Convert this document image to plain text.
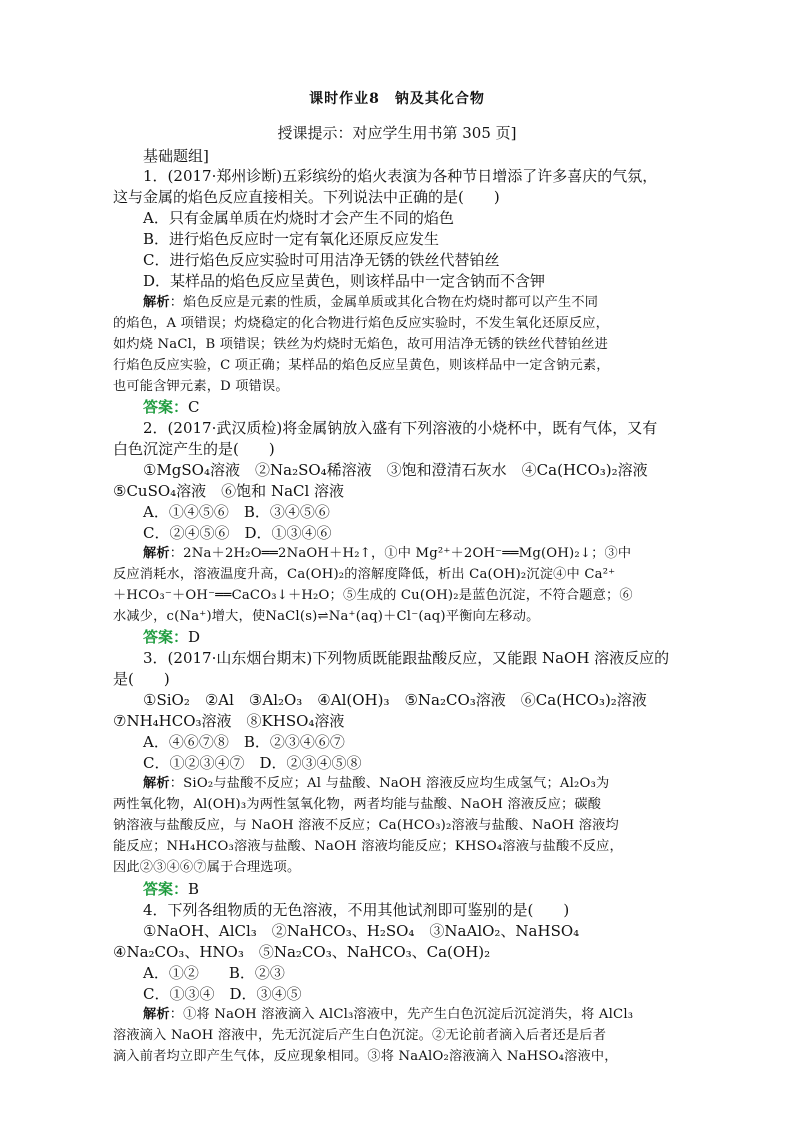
课时作业8　钠及其化合物
授课提示：对应学生用书第 305 页]
基础题组]
1．(2017·郑州诊断)五彩缤纷的焰火表演为各种节日增添了许多喜庆的气氛，
这与金属的焰色反应直接相关。下列说法中正确的是(　　)
A．只有金属单质在灼烧时才会产生不同的焰色
B．进行焰色反应时一定有氧化还原反应发生
C．进行焰色反应实验时可用洁净无锈的铁丝代替铂丝
D．某样品的焰色反应呈黄色，则该样品中一定含钠而不含钾
解析：焰色反应是元素的性质，金属单质或其化合物在灼烧时都可以产生不同
的焰色，A 项错误；灼烧稳定的化合物进行焰色反应实验时，不发生氧化还原反应，
如灼烧 NaCl，B 项错误；铁丝为灼烧时无焰色，故可用洁净无锈的铁丝代替铂丝进
行焰色反应实验，C 项正确；某样品的焰色反应呈黄色，则该样品中一定含钠元素，
也可能含钾元素，D 项错误。
答案：C
2．(2017·武汉质检)将金属钠放入盛有下列溶液的小烧杯中，既有气体，又有
白色沉淀产生的是(　　)
①MgSO₄溶液　②Na₂SO₄稀溶液　③饱和澄清石灰水　④Ca(HCO₃)₂溶液
⑤CuSO₄溶液　⑥饱和 NaCl 溶液
A．①④⑤⑥　B．③④⑤⑥
C．②④⑤⑥　D．①③④⑥
解析：2Na＋2H₂O══2NaOH＋H₂↑，①中 Mg²⁺＋2OH⁻══Mg(OH)₂↓；③中
反应消耗水，溶液温度升高，Ca(OH)₂的溶解度降低，析出 Ca(OH)₂沉淀④中 Ca²⁺
＋HCO₃⁻＋OH⁻══CaCO₃↓＋H₂O；⑤生成的 Cu(OH)₂是蓝色沉淀，不符合题意；⑥
水减少，c(Na⁺)增大，使NaCl(s)⇌Na⁺(aq)＋Cl⁻(aq)平衡向左移动。
答案：D
3．(2017·山东烟台期末)下列物质既能跟盐酸反应，又能跟 NaOH 溶液反应的
是(　　)
①SiO₂　②Al　③Al₂O₃　④Al(OH)₃　⑤Na₂CO₃溶液　⑥Ca(HCO₃)₂溶液
⑦NH₄HCO₃溶液　⑧KHSO₄溶液
A．④⑥⑦⑧　B．②③④⑥⑦
C．①②③④⑦　D．②③④⑤⑧
解析：SiO₂与盐酸不反应；Al 与盐酸、NaOH 溶液反应均生成氢气；Al₂O₃为
两性氧化物，Al(OH)₃为两性氢氧化物，两者均能与盐酸、NaOH 溶液反应；碳酸
钠溶液与盐酸反应，与 NaOH 溶液不反应；Ca(HCO₃)₂溶液与盐酸、NaOH 溶液均
能反应；NH₄HCO₃溶液与盐酸、NaOH 溶液均能反应；KHSO₄溶液与盐酸不反应，
因此②③④⑥⑦属于合理选项。
答案：B
4．下列各组物质的无色溶液，不用其他试剂即可鉴别的是(　　)
①NaOH、AlCl₃　②NaHCO₃、H₂SO₄　③NaAlO₂、NaHSO₄
④Na₂CO₃、HNO₃　⑤Na₂CO₃、NaHCO₃、Ca(OH)₂
A．①②　　B．②③
C．①③④　D．③④⑤
解析：①将 NaOH 溶液滴入 AlCl₃溶液中，先产生白色沉淀后沉淀消失，将 AlCl₃
溶液滴入 NaOH 溶液中，先无沉淀后产生白色沉淀。②无论前者滴入后者还是后者
滴入前者均立即产生气体，反应现象相同。③将 NaAlO₂溶液滴入 NaHSO₄溶液中，
